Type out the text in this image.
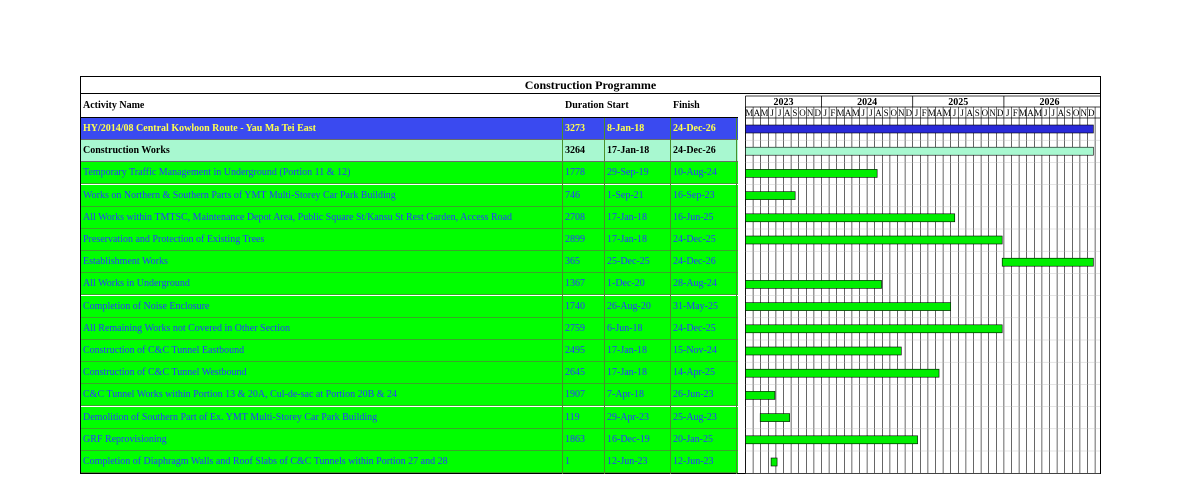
Construction Programme
Activity Name	Duration Start	Finish
HY/2014/08 Central Kowloon Route - Yau Ma Tei East	3273	8-Jan-18	24-Dec-26
Construction Works	3264	17-Jan-18	24-Dec-26
Temporary Traffic Management in Underground (Portion 11 & 12)	1778	29-Sep-19	10-Aug-24
Works on Northern & Southern Parts of YMT Multi-Storey Car Park Building	746	1-Sep-21	16-Sep-23
All Works within TMTSC, Maintenance Depot Area, Public Square St/Kansu St Rest Garden, Access Road	2708	17-Jan-18	16-Jun-25
Preservation and Protection of Existing Trees	2899	17-Jan-18	24-Dec-25
Establishment Works	365	25-Dec-25	24-Dec-26
All Works in Underground	1367	1-Dec-20	28-Aug-24
Completion of Noise Enclosure	1740	26-Aug-20	31-May-25
All Remaining Works not Covered in Other Section	2759	6-Jun-18	24-Dec-25
Construction of C&C Tunnel Eastbound	2495	17-Jan-18	15-Nov-24
Construction of C&C Tunnel Westbound	2645	17-Jan-18	14-Apr-25
C&C Tunnel Works within Portion 13 & 20A, Cul-de-sac at Portion 20B & 24	1907	7-Apr-18	26-Jun-23
Demolition of Southern Part of Ex. YMT Multi-Storey Car Park Building	119	29-Apr-23	25-Aug-23
GRF Reprovisioning	1863	16-Dec-19	20-Jan-25
Completion of Diaphragm Walls and Roof Slabs of C&C Tunnels within Portion 27 and 28	1	12-Jun-23	12-Jun-23
2023	2024	2025	2026
M A M J J A S O N D J F M A M J J A S O N D J F M A M J J A S O N D J F M A M J J A S O N D
